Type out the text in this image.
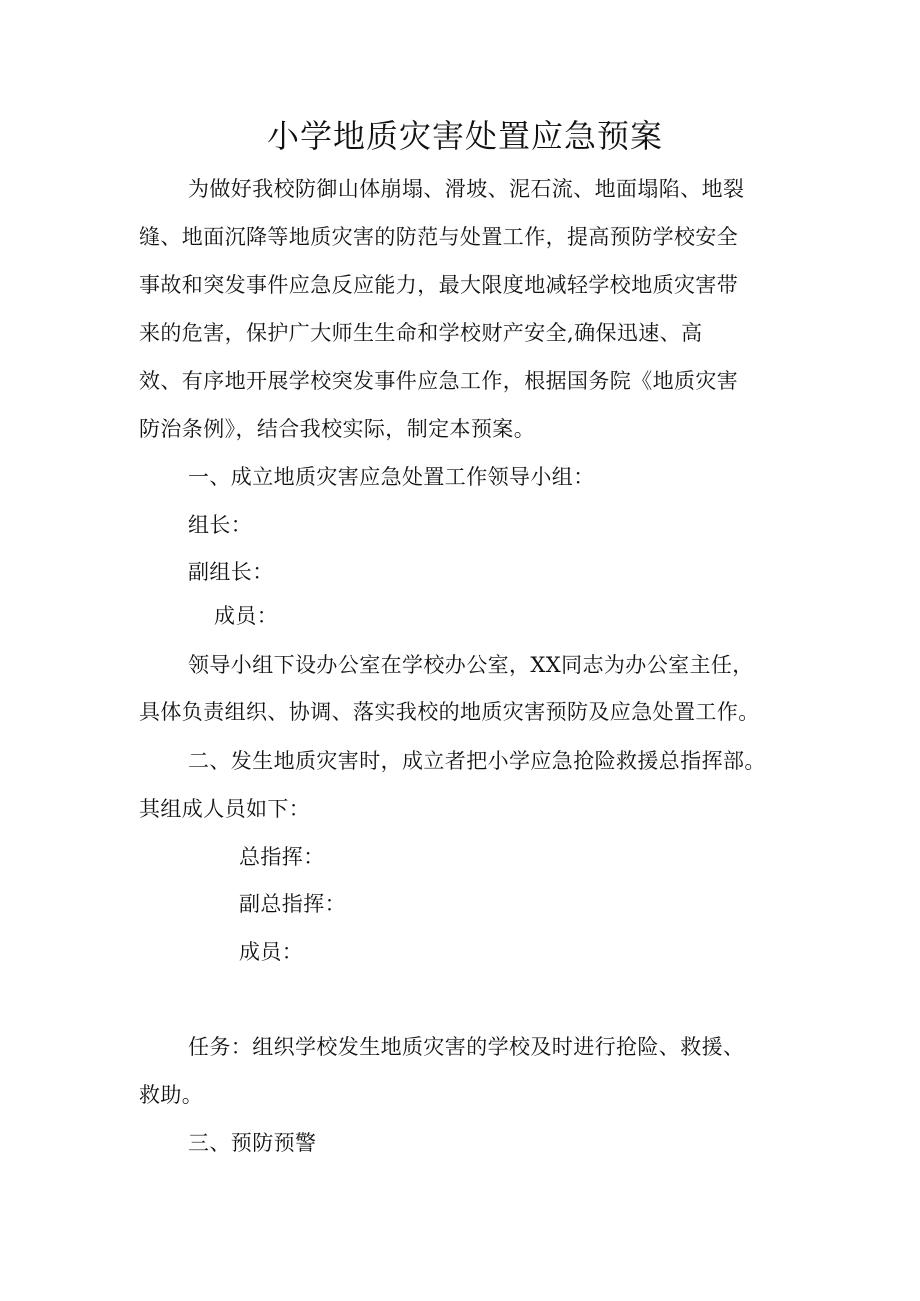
小学地质灾害处置应急预案
为做好我校防御山体崩塌、滑坡、泥石流、地面塌陷、地裂
缝、地面沉降等地质灾害的防范与处置工作，提高预防学校安全
事故和突发事件应急反应能力，最大限度地减轻学校地质灾害带
来的危害，保护广大师生生命和学校财产安全,确保迅速、高
效、有序地开展学校突发事件应急工作，根据国务院《地质灾害
防治条例》，结合我校实际，制定本预案。
一、成立地质灾害应急处置工作领导小组：
组长：
副组长：
成员：
领导小组下设办公室在学校办公室，XX同志为办公室主任，
具体负责组织、协调、落实我校的地质灾害预防及应急处置工作。
二、发生地质灾害时，成立者把小学应急抢险救援总指挥部。
其组成人员如下：
总指挥：
副总指挥：
成员：
任务：组织学校发生地质灾害的学校及时进行抢险、救援、
救助。
三、预防预警
